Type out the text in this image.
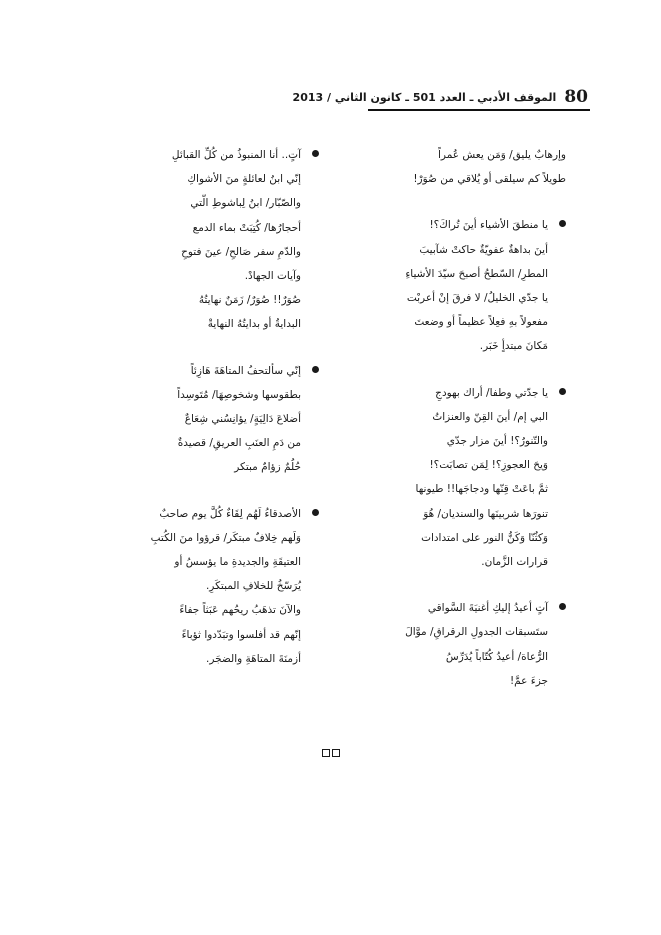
80
الموقف الأدبي ـ العدد 501 ـ كانون الثاني / 2013
وإرهابٌ يليق/ وَمَن يعش عُمراً
طويلاً كم سيلقى أو يُلاقي من صُوَرْ!
يا منطقَ الأشياء أينَ تُراكَ؟!
أينَ بداهةٌ عفويّةٌ حاكتْ شآبيبَ
المطرِ/ السّطحُ أصبحَ سيّدَ الأشياءِ
يا جدّي الخليلُ/ لا فرقَ إنْ أعربْت
مفعولاً بهِ فعِلاً عظيماً أو وضعتَ
مَكانَ مبتدأٍ خَبَر.
يا جدّتي وطفا/ أراك بهودجِ
البي إم/ أينَ القِنّ والعنزاتُ
والتّنورُ؟! أينَ مزار جدّي
وَيحَ العجوزِ؟! لِمَن تصابَت؟!
ثمَّ باعَتْ قِنّها ودجاجَها!! طيونها
تنورَها شربينَها والسنديان/ هُوَ
وَكثُنّا وَكَنُّ النور على امتدادات
قرارات الزَّمان.
آتٍ أعيدُ إليكِ أغنيَةَ السَّواقي
ستَسبقات الجدولِ الرقراقِ/ موَّالَ
الرُّعاة/ أعيدُ كُتّاباً يُدَرِّسُ
جزءَ عمَّ!
آتٍ.. أنا المنبوذُ من كُلِّ القبائلِ
إنّي ابنُ لعائلةٍ منَ الأشواكِ
والصّبّار/ ابنُ لِباشوطِ الّتي
أحجارُها/ كُتِبَتْ بماء الدمع
والدّمِ سفر صَالحِ/ عينَ فتوحِ
وآيات الجهادْ.
صُوَرٌ!! صُوَرٌ/ زَمَنٌ نهايتُهُ
البدايةُ أو بدايتُهُ النهايةْ
إنّي سألتحفُ المتاهَةَ هَازِئاً
بطقوسها وشخوصِهَا/ مُتَوسِداً
أضلاعَ دَالِيَةٍ/ يؤانِسُني شِعَاعٌ
من دَمِ العنَبِ العريقِ/ قصيدةٌ
حُلُمٌ زؤامٌ مبتكر
الأصدقاءُ لَهُم لِقَاءٌ كُلَّ يوم صاحبٌ
وَلَهم خِلافٌ مبتكَر/ قرؤوا منَ الكُتبِ
العتيقَةِ والجديدةِ ما يؤسسُ أو
يُرَسّخُ للخلافِ المبتكَرِ.
والآنَ تذهَبُ ريحُهم عَبَثاً جفاءً
إنّهم قد أفلسوا وتبَدّدوا ثؤباءً
أزمنَةَ المتاهَةِ والضجَر.
